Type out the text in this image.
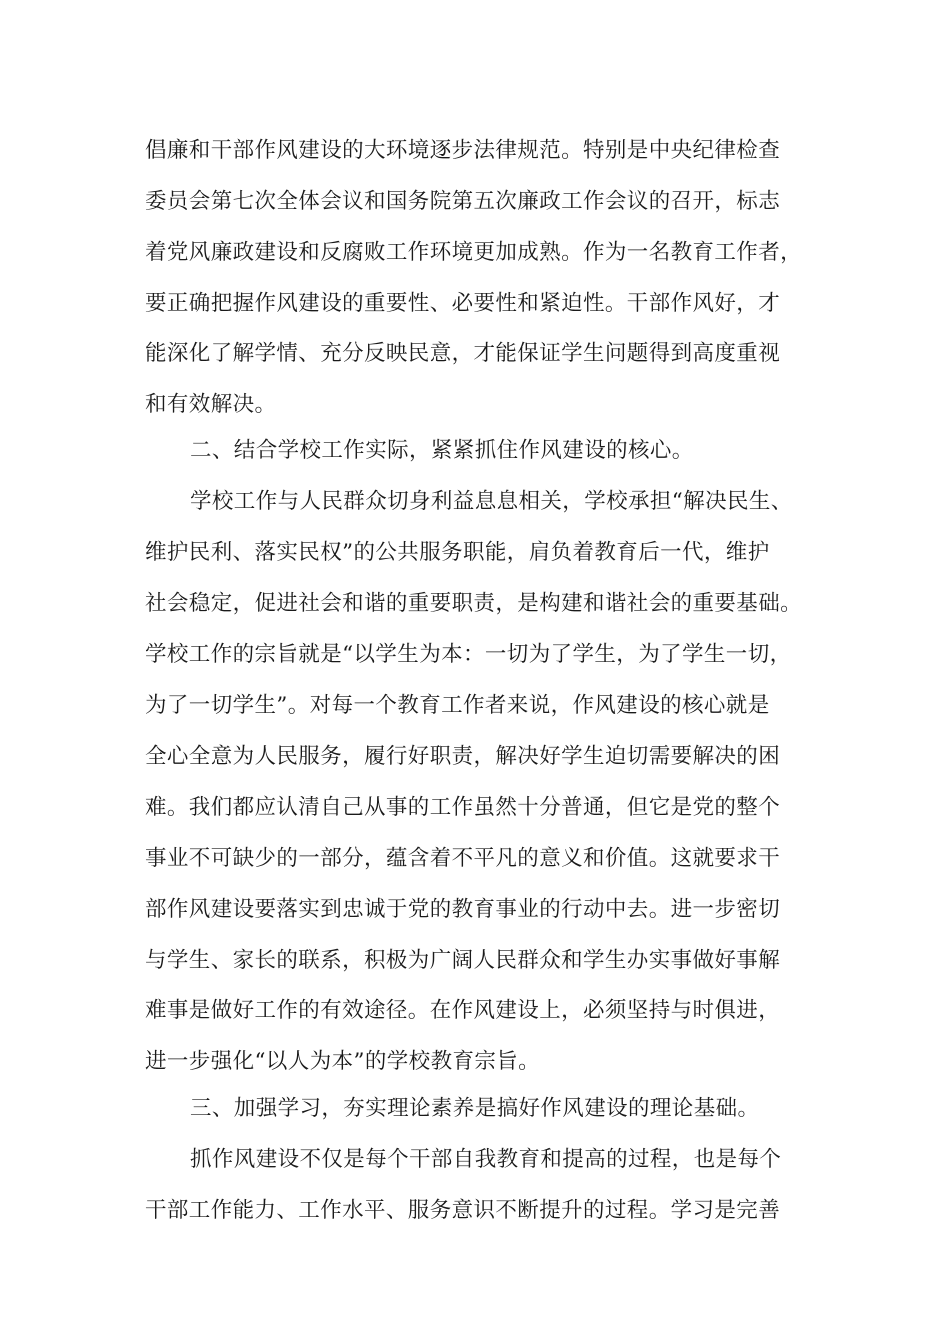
倡廉和干部作风建设的大环境逐步法律规范。特别是中央纪律检查
委员会第七次全体会议和国务院第五次廉政工作会议的召开，标志
着党风廉政建设和反腐败工作环境更加成熟。作为一名教育工作者，
要正确把握作风建设的重要性、必要性和紧迫性。干部作风好，才
能深化了解学情、充分反映民意，才能保证学生问题得到高度重视
和有效解决。
二、结合学校工作实际，紧紧抓住作风建设的核心。
学校工作与人民群众切身利益息息相关，学校承担“解决民生、
维护民利、落实民权”的公共服务职能，肩负着教育后一代，维护
社会稳定，促进社会和谐的重要职责，是构建和谐社会的重要基础。
学校工作的宗旨就是“以学生为本：一切为了学生，为了学生一切，
为了一切学生”。对每一个教育工作者来说，作风建设的核心就是
全心全意为人民服务，履行好职责，解决好学生迫切需要解决的困
难。我们都应认清自己从事的工作虽然十分普通，但它是党的整个
事业不可缺少的一部分，蕴含着不平凡的意义和价值。这就要求干
部作风建设要落实到忠诚于党的教育事业的行动中去。进一步密切
与学生、家长的联系，积极为广阔人民群众和学生办实事做好事解
难事是做好工作的有效途径。在作风建设上，必须坚持与时俱进，
进一步强化“以人为本”的学校教育宗旨。
三、加强学习，夯实理论素养是搞好作风建设的理论基础。
抓作风建设不仅是每个干部自我教育和提高的过程，也是每个
干部工作能力、工作水平、服务意识不断提升的过程。学习是完善
